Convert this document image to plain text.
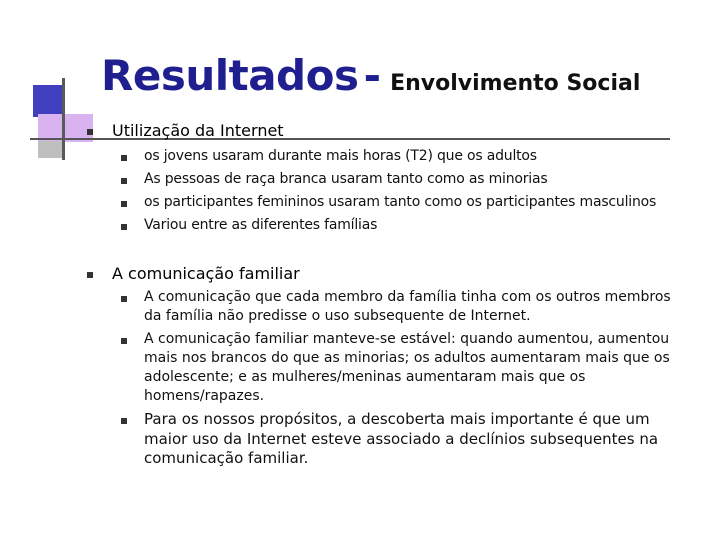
Resultados - Envolvimento Social
Utilização da Internet
os jovens usaram durante mais horas (T2) que os adultos
As pessoas de raça branca usaram tanto como as minorias
os participantes femininos usaram tanto como os participantes masculinos
Variou entre as diferentes famílias
A comunicação familiar
A comunicação que cada membro da família tinha com os outros membros da família não predisse o uso subsequente de Internet.
A comunicação familiar manteve-se estável: quando aumentou, aumentou mais nos brancos do que as minorias; os adultos aumentaram mais que os adolescente; e as mulheres/meninas aumentaram mais que os homens/rapazes.
Para os nossos propósitos, a descoberta mais importante é que um maior uso da Internet esteve associado a declínios subsequentes na comunicação familiar.
